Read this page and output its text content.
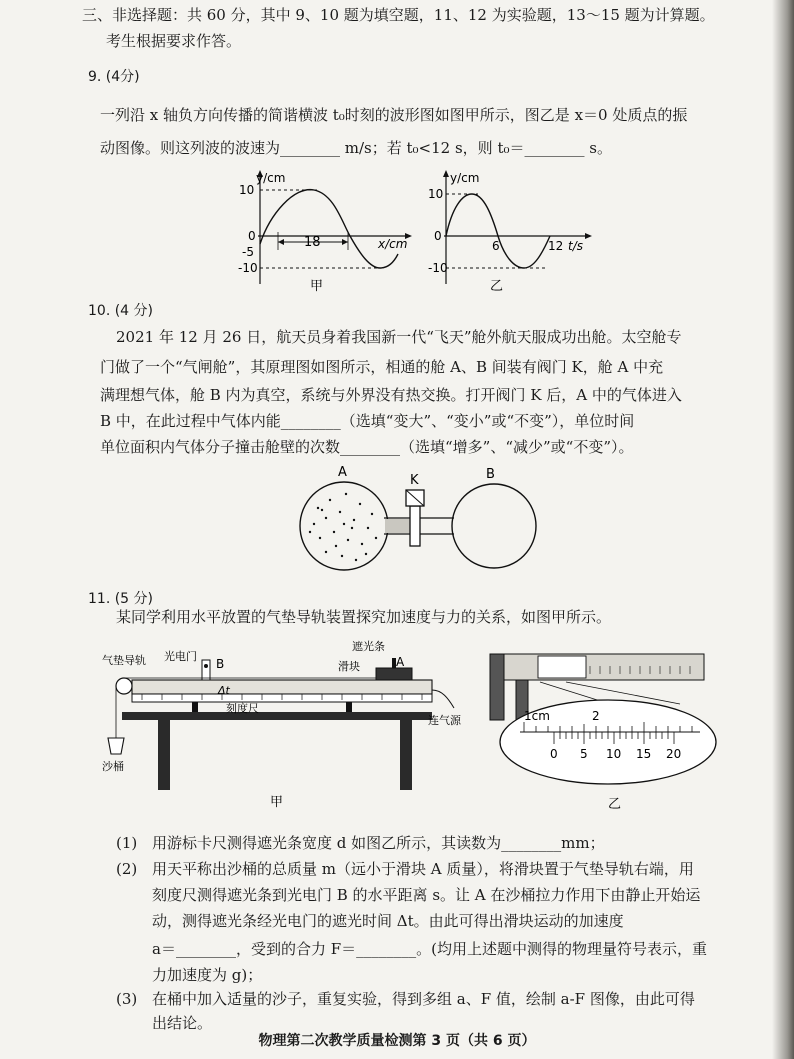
三、非选择题：共 60 分，其中 9、10 题为填空题，11、12 为实验题，13～15 题为计算题。
考生根据要求作答。
9. (4分)
一列沿 x 轴负方向传播的简谐横波 t₀时刻的波形图如图甲所示，图乙是 x＝0 处质点的振
动图像。则这列波的波速为________ m/s；若 t₀<12 s，则 t₀＝________ s。
y/cm
10
0
-5
-10
18	x/cm
甲
y/cm
10
0
-10
6	12 t/s
乙
10. (4 分)
2021 年 12 月 26 日，航天员身着我国新一代“飞天”舱外航天服成功出舱。太空舱专
门做了一个“气闸舱”，其原理图如图所示，相通的舱 A、B 间装有阀门 K，舱 A 中充
满理想气体，舱 B 内为真空，系统与外界没有热交换。打开阀门 K 后，A 中的气体进入
B 中，在此过程中气体内能________（选填“变大”、“变小”或“不变”），单位时间
单位面积内气体分子撞击舱壁的次数________（选填“增多”、“减少”或“不变”）。
A
K	B
11. (5 分)
某同学利用水平放置的气垫导轨装置探究加速度与力的关系，如图甲所示。
光电门
B
遮光条
A
气垫导轨	滑块
Δt
刻度尺
连气源
沙桶
甲
1cm	2
0 5 10 15 20
乙
(1) 用游标卡尺测得遮光条宽度 d 如图乙所示，其读数为________mm；
(2) 用天平称出沙桶的总质量 m（远小于滑块 A 质量），将滑块置于气垫导轨右端，用
刻度尺测得遮光条到光电门 B 的水平距离 s。让 A 在沙桶拉力作用下由静止开始运
动，测得遮光条经光电门的遮光时间 Δt。由此可得出滑块运动的加速度
a＝________，受到的合力 F＝________。(均用上述题中测得的物理量符号表示，重
力加速度为 g)；
(3) 在桶中加入适量的沙子，重复实验，得到多组 a、F 值，绘制 a-F 图像，由此可得
出结论。
物理第二次教学质量检测第 3 页（共 6 页）
